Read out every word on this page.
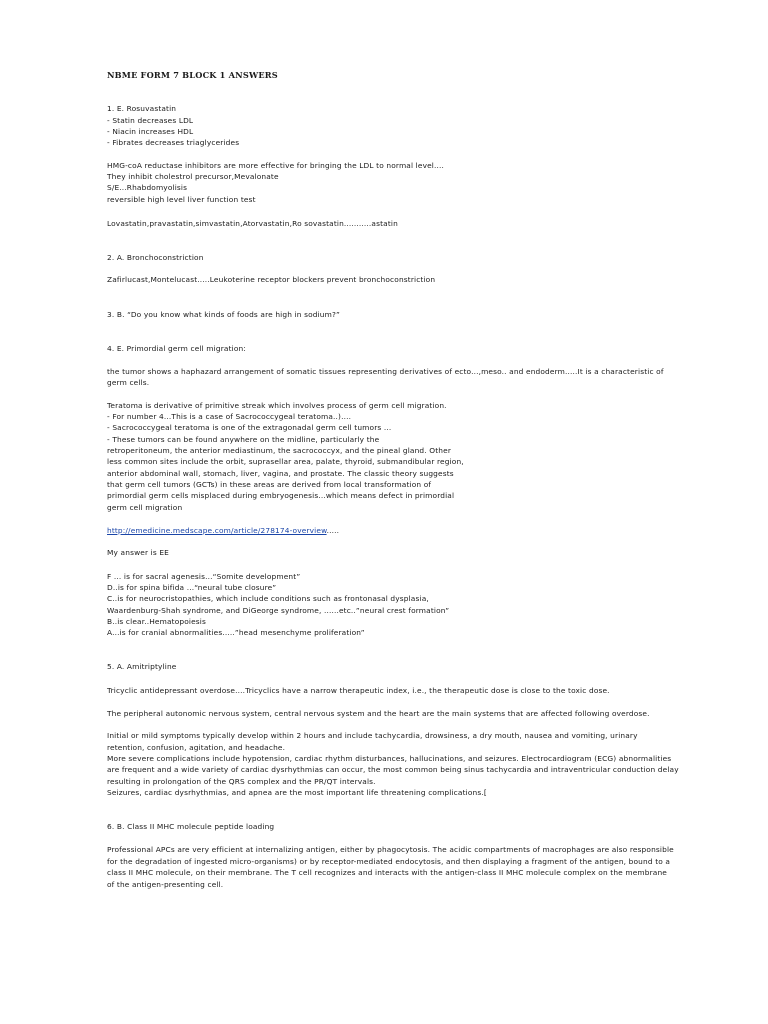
NBME FORM 7 BLOCK 1 ANSWERS
1. E. Rosuvastatin
- Statin decreases LDL
- Niacin increases HDL
- Fibrates decreases triaglycerides
HMG-coA reductase inhibitors are more effective for bringing the LDL to normal level....
They inhibit cholestrol precursor,Mevalonate
S/E...Rhabdomyolisis
reversible high level liver function test
Lovastatin,pravastatin,simvastatin,Atorvastatin,Ro sovastatin...........astatin
2. A. Bronchoconstriction
Zafirlucast,Montelucast.....Leukoterine receptor blockers prevent bronchoconstriction
3. B. “Do you know what kinds of foods are high in sodium?”
4. E. Primordial germ cell migration:
the tumor shows a haphazard arrangement of somatic tissues representing derivatives of ecto...,meso.. and endoderm.....It is a characteristic of
germ cells.
Teratoma is derivative of primitive streak which involves process of germ cell migration.
- For number 4...This is a case of Sacrococcygeal teratoma..)....
- Sacrococcygeal teratoma is one of the extragonadal germ cell tumors ...
- These tumors can be found anywhere on the midline, particularly the
retroperitoneum, the anterior mediastinum, the sacrococcyx, and the pineal gland. Other
less common sites include the orbit, suprasellar area, palate, thyroid, submandibular region,
anterior abdominal wall, stomach, liver, vagina, and prostate. The classic theory suggests
that germ cell tumors (GCTs) in these areas are derived from local transformation of
primordial germ cells misplaced during embryogenesis...which means defect in primordial
germ cell migration
http://emedicine.medscape.com/article/278174-overview.....
My answer is EE
F ... is for sacral agenesis...“Somite development”
D..is for spina bifida ...“neural tube closure”
C..is for neurocristopathies, which include conditions such as frontonasal dysplasia,
Waardenburg-Shah syndrome, and DiGeorge syndrome, ......etc..”neural crest formation”
B..is clear..Hematopoiesis
A...is for cranial abnormalities.....”head mesenchyme proliferation”
5. A. Amitriptyline
Tricyclic antidepressant overdose....Tricyclics have a narrow therapeutic index, i.e., the therapeutic dose is close to the toxic dose.
The peripheral autonomic nervous system, central nervous system and the heart are the main systems that are affected following overdose.
Initial or mild symptoms typically develop within 2 hours and include tachycardia, drowsiness, a dry mouth, nausea and vomiting, urinary
retention, confusion, agitation, and headache.
More severe complications include hypotension, cardiac rhythm disturbances, hallucinations, and seizures. Electrocardiogram (ECG) abnormalities
are frequent and a wide variety of cardiac dysrhythmias can occur, the most common being sinus tachycardia and intraventricular conduction delay
resulting in prolongation of the QRS complex and the PR/QT intervals.
Seizures, cardiac dysrhythmias, and apnea are the most important life threatening complications.[
6. B. Class II MHC molecule peptide loading
Professional APCs are very efficient at internalizing antigen, either by phagocytosis. The acidic compartments of macrophages are also responsible
for the degradation of ingested micro-organisms) or by receptor-mediated endocytosis, and then displaying a fragment of the antigen, bound to a
class II MHC molecule, on their membrane. The T cell recognizes and interacts with the antigen-class II MHC molecule complex on the membrane
of the antigen-presenting cell.
